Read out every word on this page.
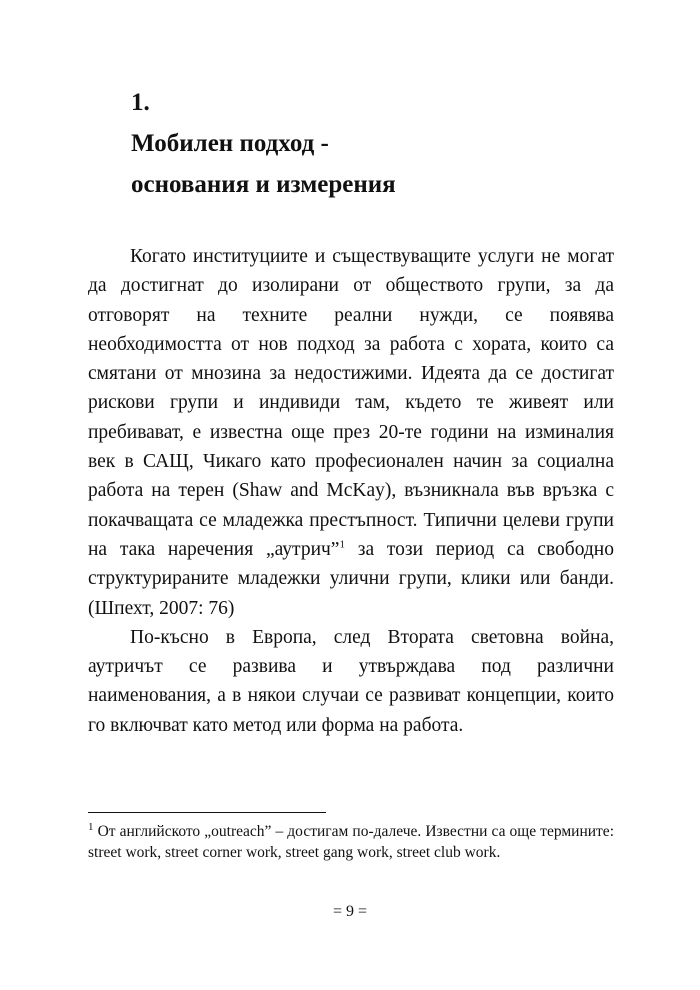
1.
Мобилен подход -
основания и измерения

Когато институциите и съществуващите услуги не могат да достигнат до изолирани от обществото групи, за да отговорят на техните реални нужди, се появява необходимостта от нов подход за работа с хората, които са смятани от мнозина за недостижими. Идеята да се достигат рискови групи и индивиди там, където те живеят или пребивават, е известна още през 20-те години на изминалия век в САЩ, Чикаго като професионален начин за социална работа на терен (Shaw and McKay), възникнала във връзка с покачващата се младежка престъпност. Типични целеви групи на така наречения „аутрич”$^1$ за този период са свободно структурираните младежки улични групи, клики или банди. (Шпехт, 2007: 76)

По-късно в Европа, след Втората световна война, аутричът се развива и утвърждава под различни наименования, а в някои случаи се развиват концепции, които го включват като метод или форма на работа.

$^1$ От английското „outreach” – достигам по-далече. Известни са още термините: street work, street corner work, street gang work, street club work.
= 9 =
